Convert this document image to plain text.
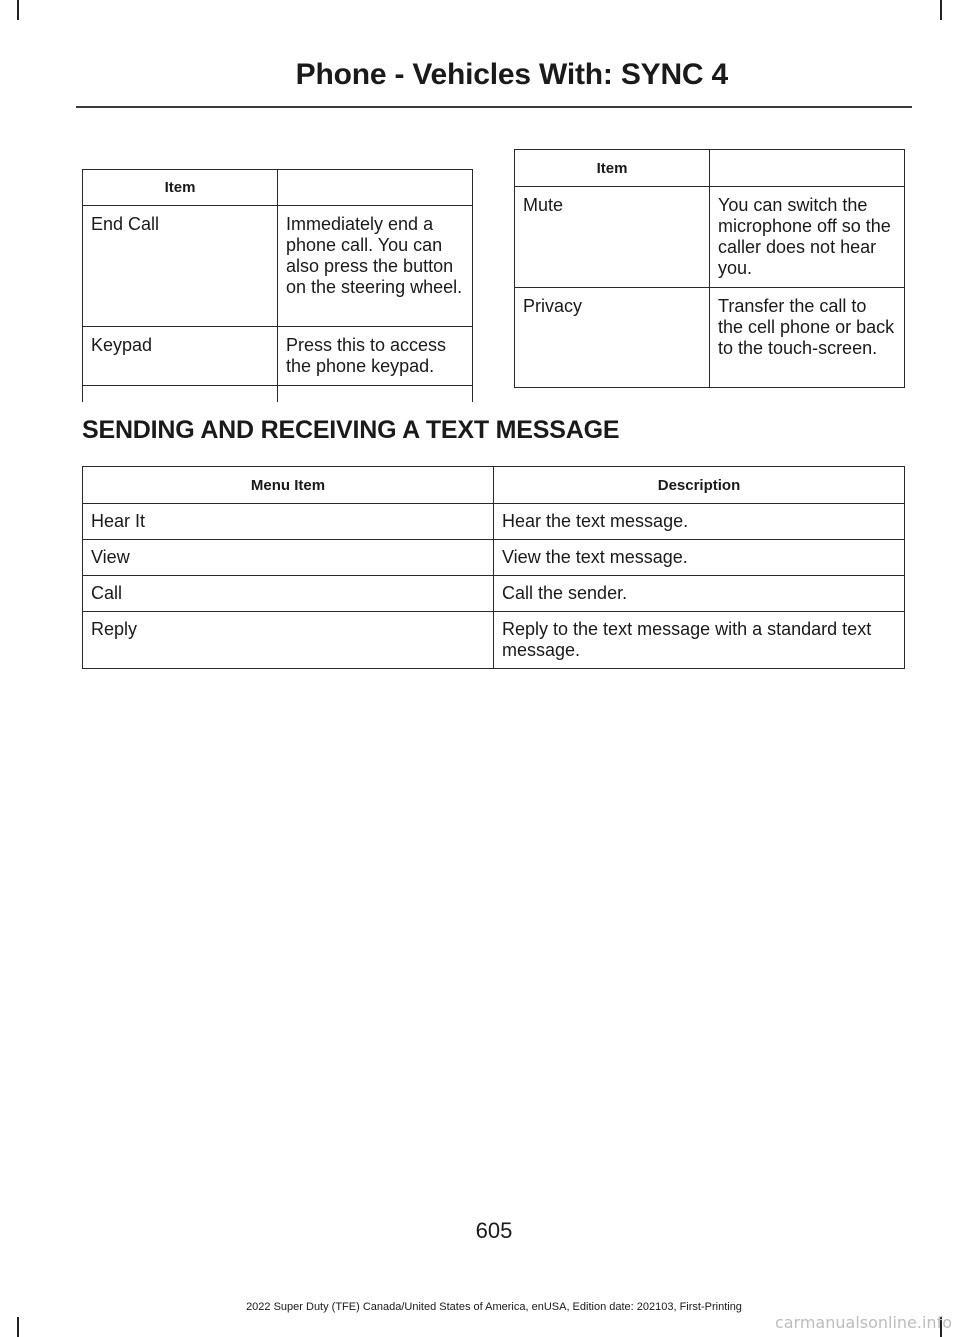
Phone - Vehicles With: SYNC 4
Item	

End Call	Immediately end a phone call. You can also press the button on the steering wheel.

Keypad	Press this to access the phone keypad.

Item	

Mute	You can switch the microphone off so the caller does not hear you.

Privacy	Transfer the call to the cell phone or back to the touch-screen.
SENDING AND RECEIVING A TEXT MESSAGE
Menu Item	Description

Hear It	Hear the text message.

View	View the text message.

Call	Call the sender.

Reply	Reply to the text message with a standard text message.
605
2022 Super Duty (TFE) Canada/United States of America, enUSA, Edition date: 202103, First-Printing
carmanualsonline.info
